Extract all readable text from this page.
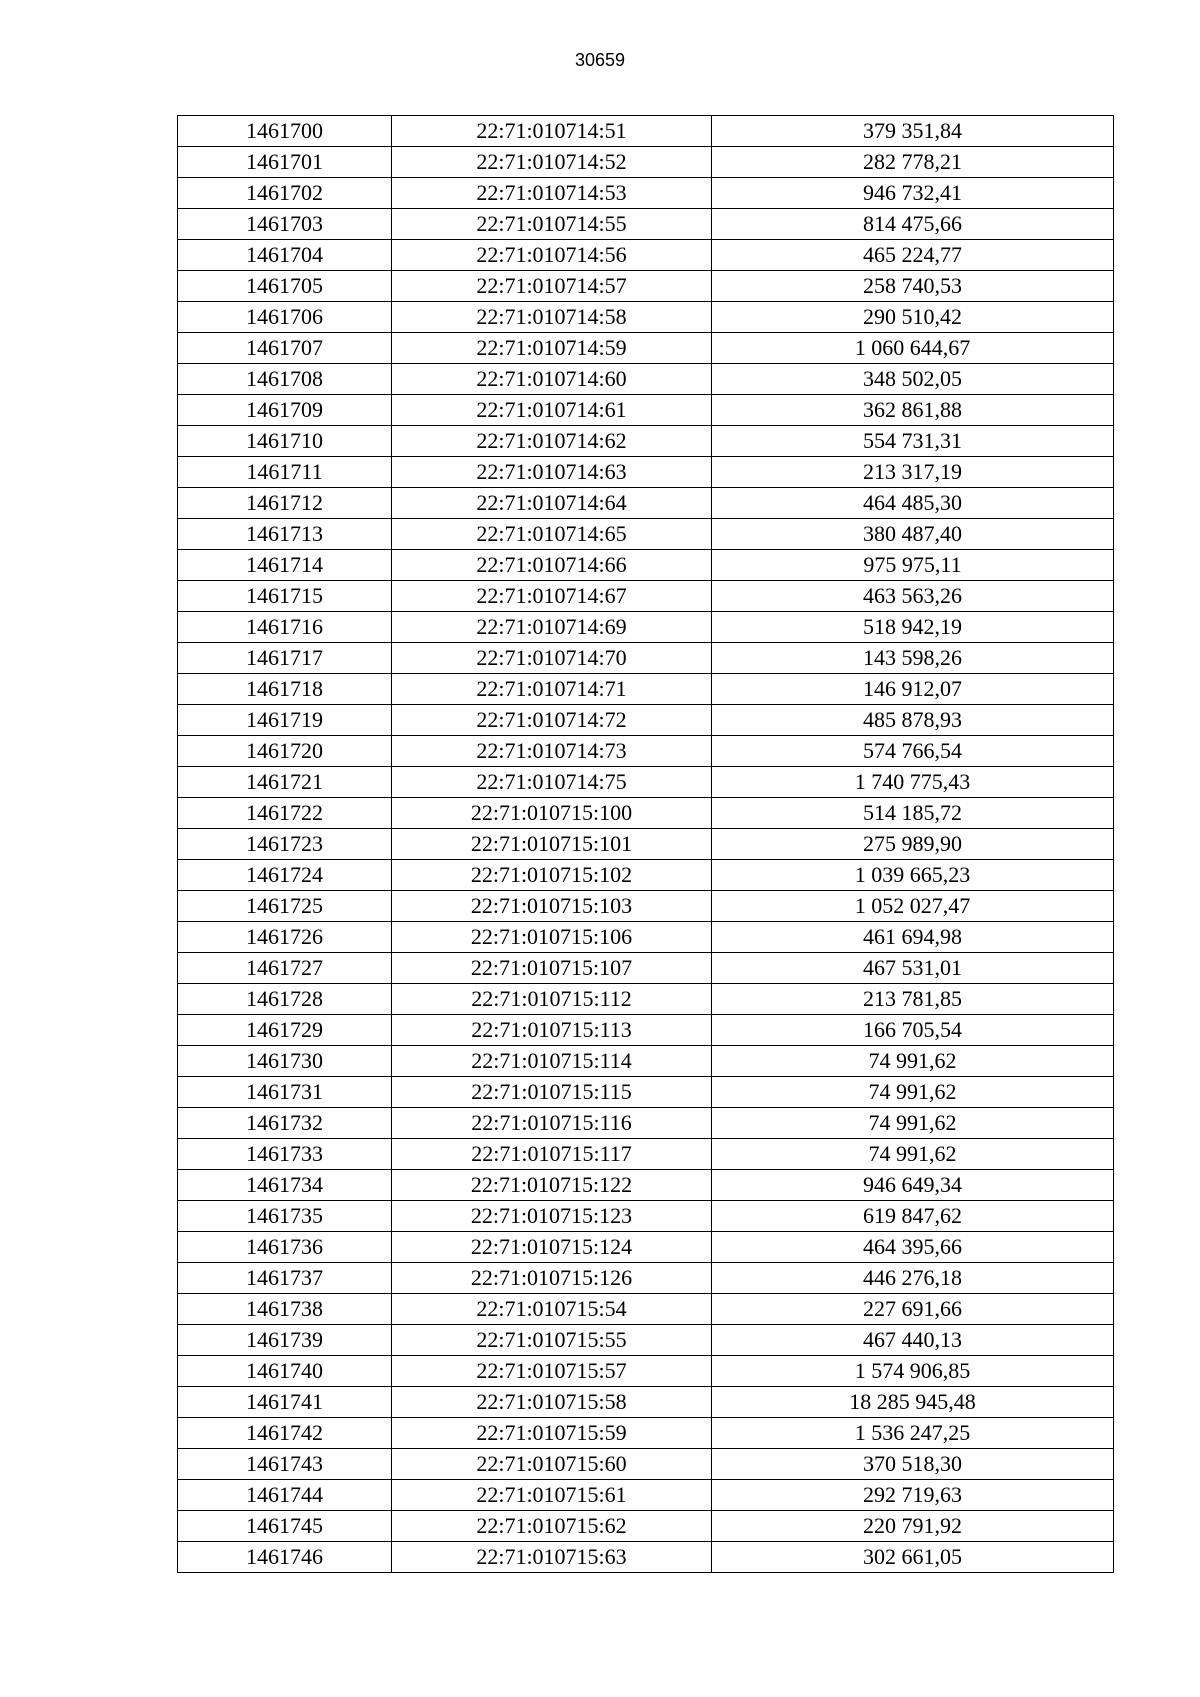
30659
1461700	22:71:010714:51	379 351,84
1461701	22:71:010714:52	282 778,21
1461702	22:71:010714:53	946 732,41
1461703	22:71:010714:55	814 475,66
1461704	22:71:010714:56	465 224,77
1461705	22:71:010714:57	258 740,53
1461706	22:71:010714:58	290 510,42
1461707	22:71:010714:59	1 060 644,67
1461708	22:71:010714:60	348 502,05
1461709	22:71:010714:61	362 861,88
1461710	22:71:010714:62	554 731,31
1461711	22:71:010714:63	213 317,19
1461712	22:71:010714:64	464 485,30
1461713	22:71:010714:65	380 487,40
1461714	22:71:010714:66	975 975,11
1461715	22:71:010714:67	463 563,26
1461716	22:71:010714:69	518 942,19
1461717	22:71:010714:70	143 598,26
1461718	22:71:010714:71	146 912,07
1461719	22:71:010714:72	485 878,93
1461720	22:71:010714:73	574 766,54
1461721	22:71:010714:75	1 740 775,43
1461722	22:71:010715:100	514 185,72
1461723	22:71:010715:101	275 989,90
1461724	22:71:010715:102	1 039 665,23
1461725	22:71:010715:103	1 052 027,47
1461726	22:71:010715:106	461 694,98
1461727	22:71:010715:107	467 531,01
1461728	22:71:010715:112	213 781,85
1461729	22:71:010715:113	166 705,54
1461730	22:71:010715:114	74 991,62
1461731	22:71:010715:115	74 991,62
1461732	22:71:010715:116	74 991,62
1461733	22:71:010715:117	74 991,62
1461734	22:71:010715:122	946 649,34
1461735	22:71:010715:123	619 847,62
1461736	22:71:010715:124	464 395,66
1461737	22:71:010715:126	446 276,18
1461738	22:71:010715:54	227 691,66
1461739	22:71:010715:55	467 440,13
1461740	22:71:010715:57	1 574 906,85
1461741	22:71:010715:58	18 285 945,48
1461742	22:71:010715:59	1 536 247,25
1461743	22:71:010715:60	370 518,30
1461744	22:71:010715:61	292 719,63
1461745	22:71:010715:62	220 791,92
1461746	22:71:010715:63	302 661,05
